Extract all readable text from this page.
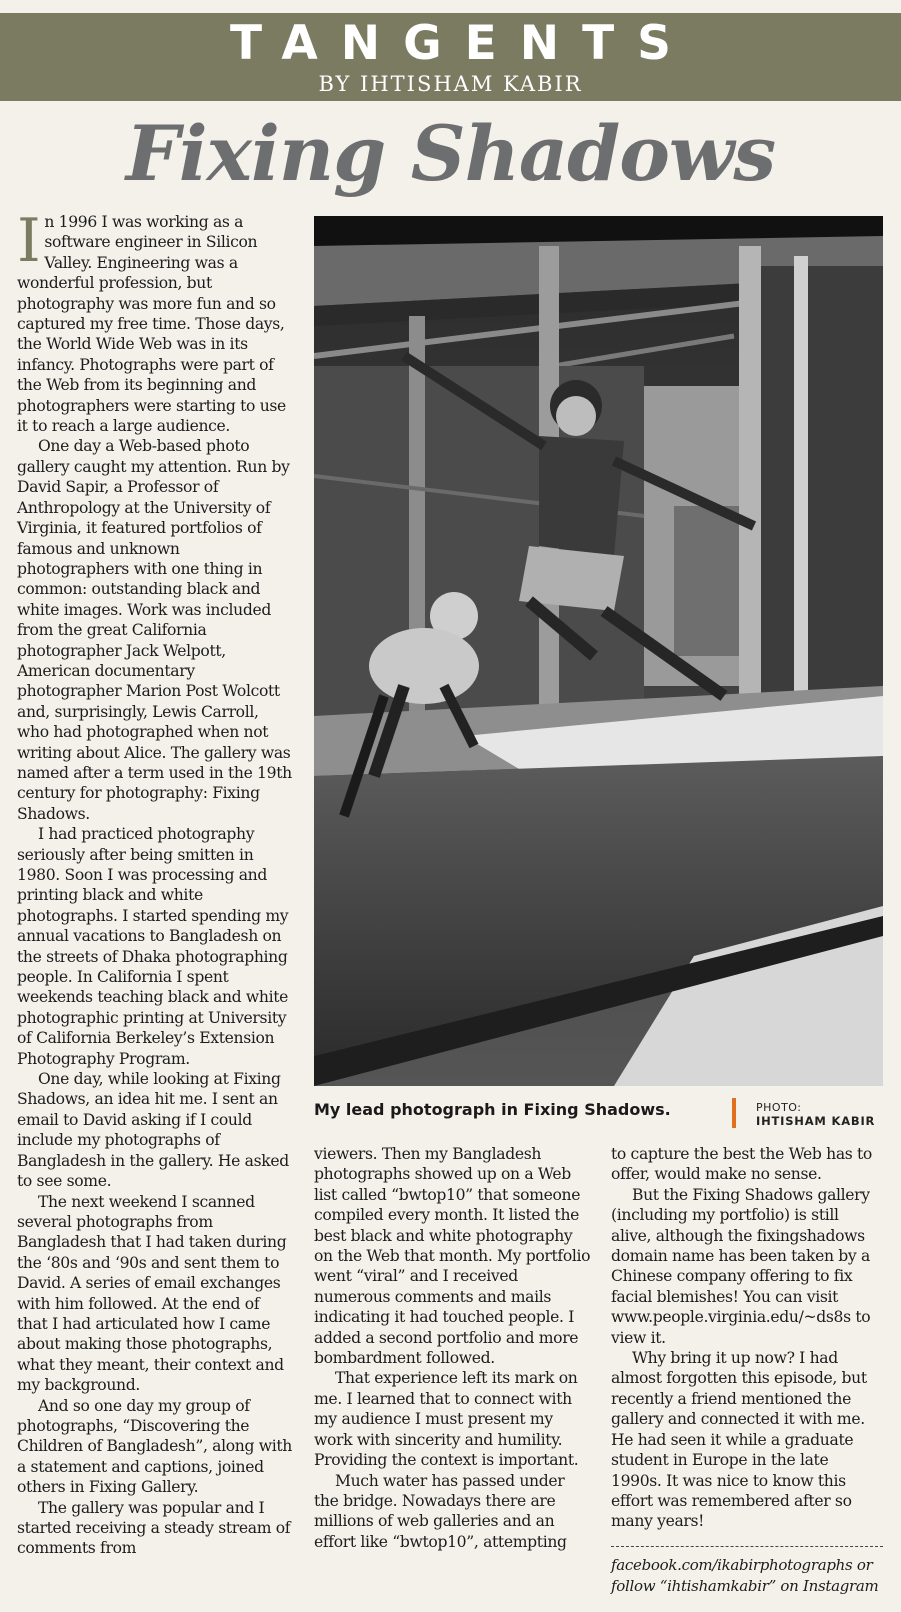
TANGENTS
BY IHTISHAM KABIR
Fixing Shadows

In 1996 I was working as a software engineer in Silicon Valley. Engineering was a wonderful profession, but photography was more fun and so captured my free time. Those days, the World Wide Web was in its infancy. Photographs were part of the Web from its beginning and photographers were starting to use it to reach a large audience.

One day a Web-based photo gallery caught my attention. Run by David Sapir, a Professor of Anthropology at the University of Virginia, it featured portfolios of famous and unknown photographers with one thing in common: outstanding black and white images. Work was included from the great California photographer Jack Welpott, American documentary photographer Marion Post Wolcott and, surprisingly, Lewis Carroll, who had photographed when not writing about Alice. The gallery was named after a term used in the 19th century for photography: Fixing Shadows.

I had practiced photography seriously after being smitten in 1980. Soon I was processing and printing black and white photographs. I started spending my annual vacations to Bangladesh on the streets of Dhaka photographing people. In California I spent weekends teaching black and white photographic printing at University of California Berkeley’s Extension Photography Program.

One day, while looking at Fixing Shadows, an idea hit me. I sent an email to David asking if I could include my photographs of Bangladesh in the gallery. He asked to see some.

The next weekend I scanned several photographs from Bangladesh that I had taken during the ‘80s and ‘90s and sent them to David. A series of email exchanges with him followed. At the end of that I had articulated how I came about making those photographs, what they meant, their context and my background.

And so one day my group of photographs, “Discovering the Children of Bangladesh”, along with a statement and captions, joined others in Fixing Gallery.

The gallery was popular and I started receiving a steady stream of comments from

My lead photograph in Fixing Shadows.	PHOTO:
IHTISHAM KABIR

viewers. Then my Bangladesh photographs showed up on a Web list called “bwtop10” that someone compiled every month. It listed the best black and white photography on the Web that month. My portfolio went “viral” and I received numerous comments and mails indicating it had touched people. I added a second portfolio and more bombardment followed.

That experience left its mark on me. I learned that to connect with my audience I must present my work with sincerity and humility. Providing the context is important.

Much water has passed under the bridge. Nowadays there are millions of web galleries and an effort like “bwtop10”, attempting

to capture the best the Web has to offer, would make no sense.

But the Fixing Shadows gallery (including my portfolio) is still alive, although the fixingshadows domain name has been taken by a Chinese company offering to fix facial blemishes! You can visit www.people.virginia.edu/~ds8s to view it.

Why bring it up now? I had almost forgotten this episode, but recently a friend mentioned the gallery and connected it with me. He had seen it while a graduate student in Europe in the late 1990s. It was nice to know this effort was remembered after so many years!

facebook.com/ikabirphotographs or
follow “ihtishamkabir” on Instagram
